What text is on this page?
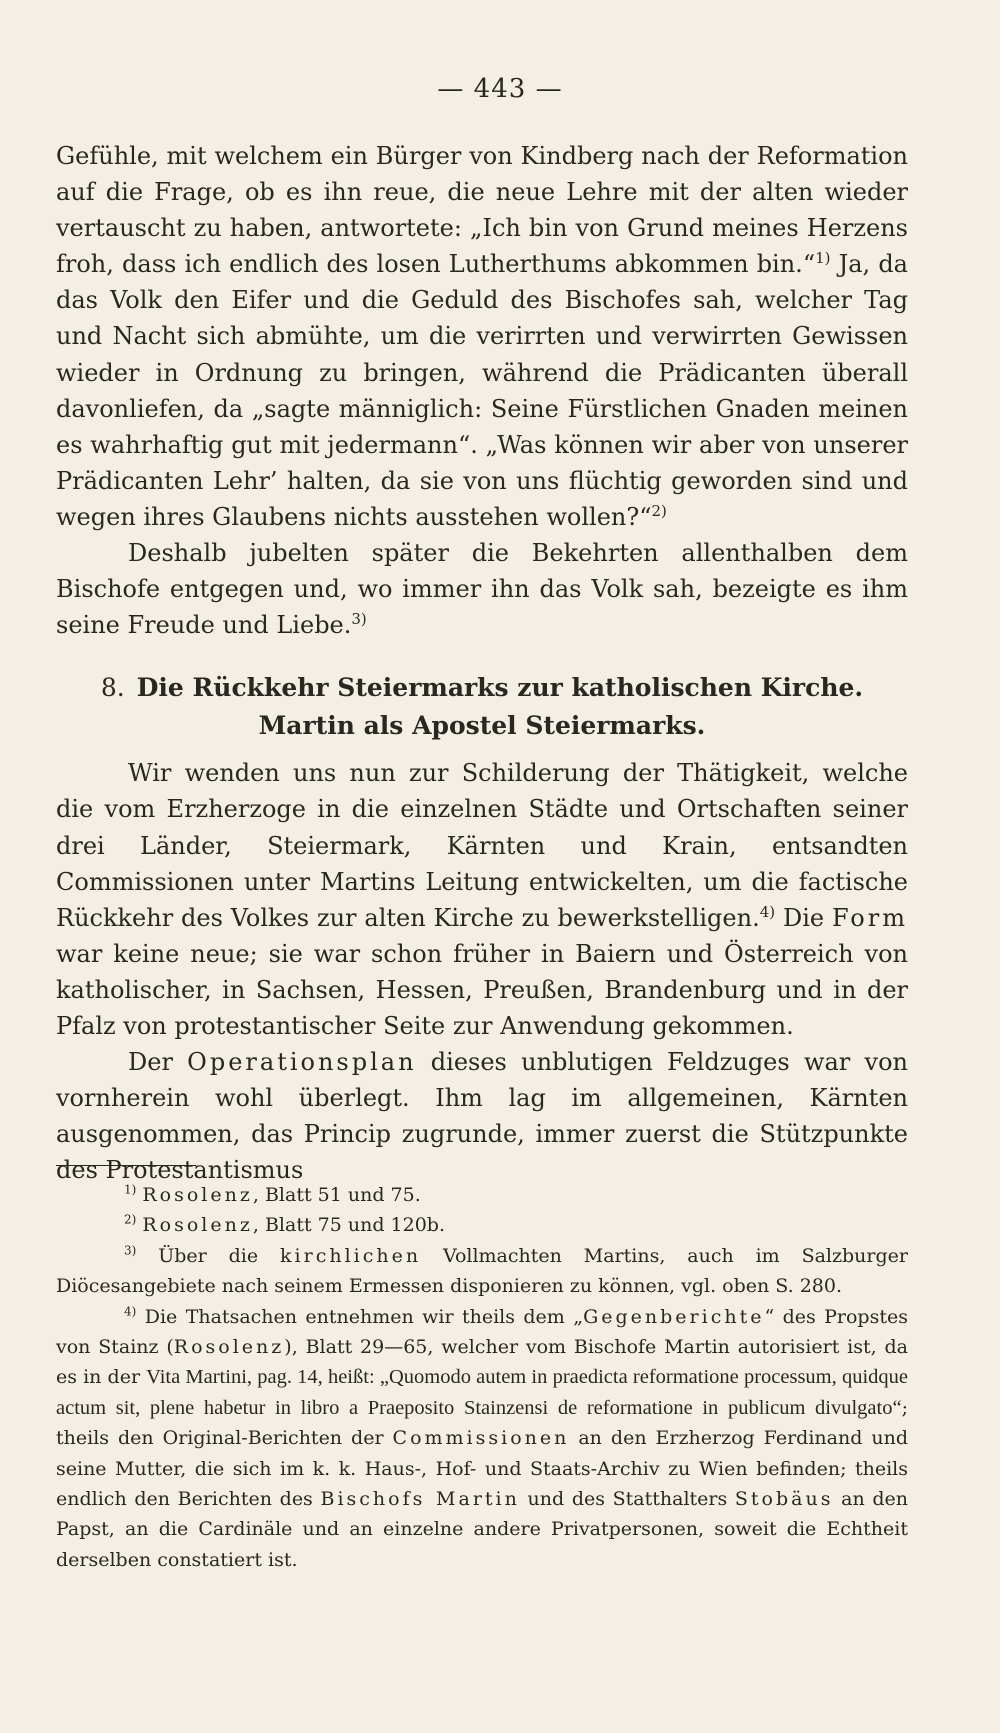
— 443 —

Gefühle, mit welchem ein Bürger von Kindberg nach der Reformation auf die Frage, ob es ihn reue, die neue Lehre mit der alten wieder vertauscht zu haben, antwortete: „Ich bin von Grund meines Herzens froh, dass ich endlich des losen Lutherthums abkommen bin.“$^{1)}$ Ja, da das Volk den Eifer und die Geduld des Bischofes sah, welcher Tag und Nacht sich abmühte, um die verirrten und verwirrten Gewissen wieder in Ordnung zu bringen, während die Prädicanten überall davonliefen, da „sagte männiglich: Seine Fürstlichen Gnaden meinen es wahrhaftig gut mit jedermann“. „Was können wir aber von unserer Prädicanten Lehr’ halten, da sie von uns flüchtig geworden sind und wegen ihres Glaubens nichts ausstehen wollen?“$^{2)}$

Deshalb jubelten später die Bekehrten allenthalben dem Bischofe entgegen und, wo immer ihn das Volk sah, bezeigte es ihm seine Freude und Liebe.$^{3)}$

8. Die Rückkehr Steiermarks zur katholischen Kirche. Martin als Apostel Steiermarks.

Wir wenden uns nun zur Schilderung der Thätigkeit, welche die vom Erzherzoge in die einzelnen Städte und Ortschaften seiner drei Länder, Steiermark, Kärnten und Krain, entsandten Commissionen unter Martins Leitung entwickelten, um die factische Rückkehr des Volkes zur alten Kirche zu bewerkstelligen.$^{4)}$ Die Form war keine neue; sie war schon früher in Baiern und Österreich von katholischer, in Sachsen, Hessen, Preußen, Brandenburg und in der Pfalz von protestantischer Seite zur Anwendung gekommen.

Der Operationsplan dieses unblutigen Feldzuges war von vornherein wohl überlegt. Ihm lag im allgemeinen, Kärnten ausgenommen, das Princip zugrunde, immer zuerst die Stützpunkte des Protestantismus

$^{1)}$ Rosolenz, Blatt 51 und 75.

$^{2)}$ Rosolenz, Blatt 75 und 120b.

$^{3)}$ Über die kirchlichen Vollmachten Martins, auch im Salzburger Diöcesangebiete nach seinem Ermessen disponieren zu können, vgl. oben S. 280.

$^{4)}$ Die Thatsachen entnehmen wir theils dem „Gegenberichte“ des Propstes von Stainz (Rosolenz), Blatt 29—65, welcher vom Bischofe Martin autorisiert ist, da es in der Vita Martini, pag. 14, heißt: „Quomodo autem in praedicta reformatione processum, quidque actum sit, plene habetur in libro a Praeposito Stainzensi de reformatione in publicum divulgato“; theils den Original-Berichten der Commissionen an den Erzherzog Ferdinand und seine Mutter, die sich im k. k. Haus-, Hof- und Staats-Archiv zu Wien befinden; theils endlich den Berichten des Bischofs Martin und des Statthalters Stobäus an den Papst, an die Cardinäle und an einzelne andere Privatpersonen, soweit die Echtheit derselben constatiert ist.
